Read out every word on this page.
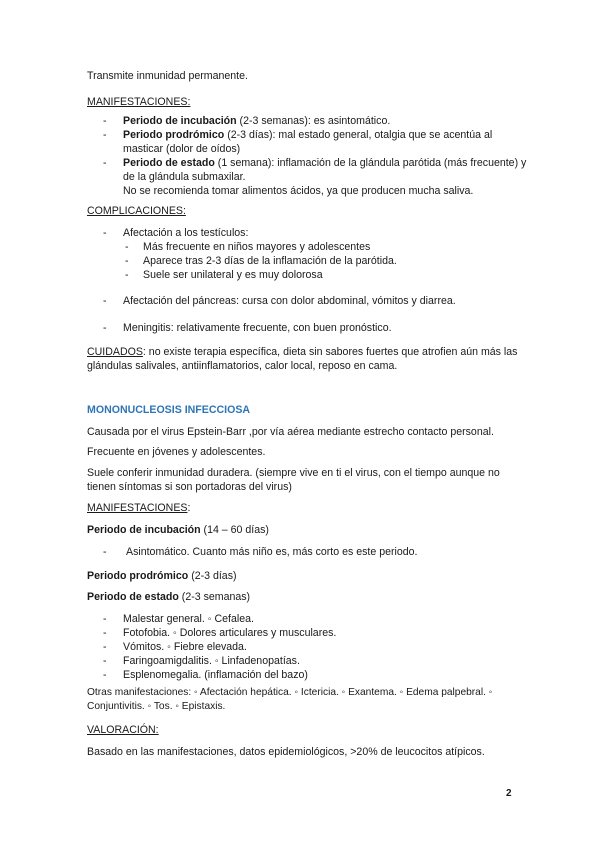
Transmite inmunidad permanente.
MANIFESTACIONES:
- Periodo de incubación (2-3 semanas): es asintomático.
- Periodo prodrómico (2-3 días): mal estado general, otalgia que se acentúa al masticar (dolor de oídos)
- Periodo de estado (1 semana): inflamación de la glándula parótida (más frecuente) y de la glándula submaxilar.
No se recomienda tomar alimentos ácidos, ya que producen mucha saliva.
COMPLICACIONES:
- Afectación a los testículos:
- Más frecuente en niños mayores y adolescentes
- Aparece tras 2-3 días de la inflamación de la parótida.
- Suele ser unilateral y es muy dolorosa
- Afectación del páncreas: cursa con dolor abdominal, vómitos y diarrea.
- Meningitis: relativamente frecuente, con buen pronóstico.
CUIDADOS: no existe terapia específica, dieta sin sabores fuertes que atrofien aún más las glándulas salivales, antiinflamatorios, calor local, reposo en cama.
MONONUCLEOSIS INFECCIOSA
Causada por el virus Epstein-Barr ,por vía aérea mediante estrecho contacto personal.
Frecuente en jóvenes y adolescentes.
Suele conferir inmunidad duradera. (siempre vive en ti el virus, con el tiempo aunque no tienen síntomas si son portadoras del virus)
MANIFESTACIONES:
Periodo de incubación (14 – 60 días)
- Asintomático. Cuanto más niño es, más corto es este periodo.
Periodo prodrómico (2-3 días)
Periodo de estado (2-3 semanas)
- Malestar general. ◦ Cefalea.
- Fotofobia. ◦ Dolores articulares y musculares.
- Vómitos. ◦ Fiebre elevada.
- Faringoamigdalitis. ◦ Linfadenopatías.
- Esplenomegalia. (inflamación del bazo)
Otras manifestaciones: ◦ Afectación hepática. ◦ Ictericia. ◦ Exantema. ◦ Edema palpebral. ◦ Conjuntivitis. ◦ Tos. ◦ Epistaxis.
VALORACIÓN:
Basado en las manifestaciones, datos epidemiológicos, >20% de leucocitos atípicos.
2
